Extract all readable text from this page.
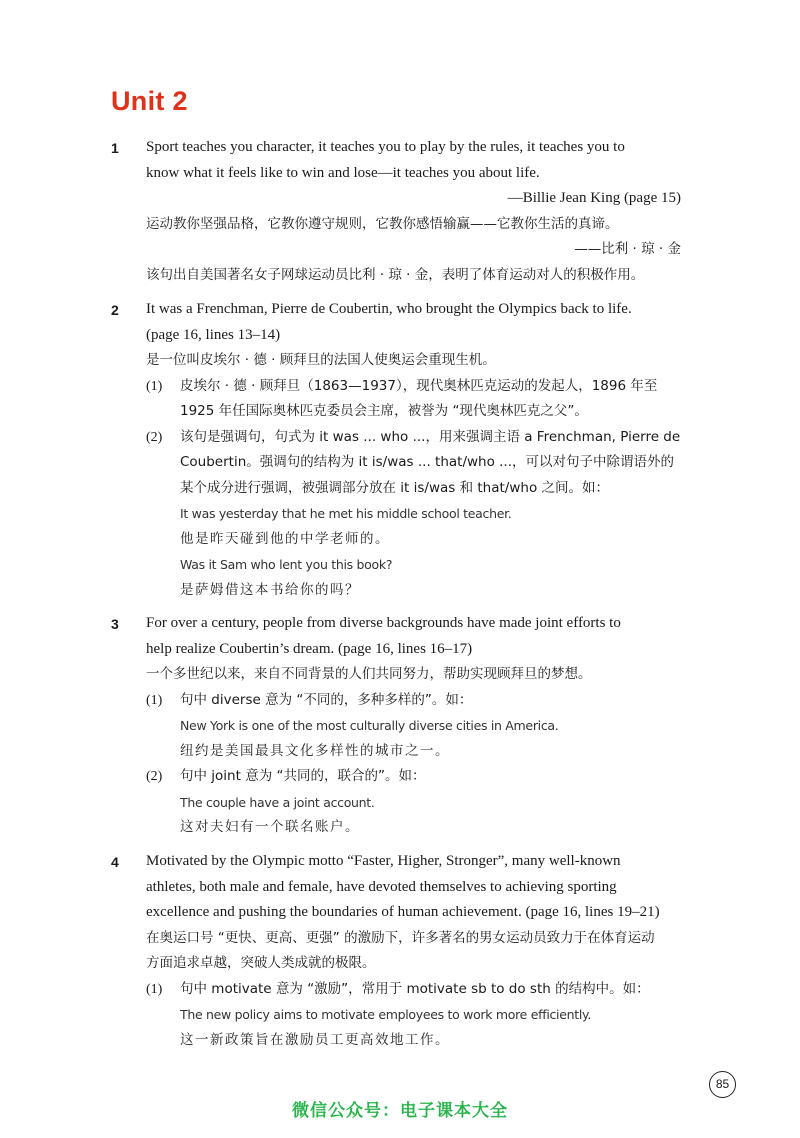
Unit 2
1 Sport teaches you character, it teaches you to play by the rules, it teaches you to
know what it feels like to win and lose—it teaches you about life.
—Billie Jean King (page 15)
运动教你坚强品格，它教你遵守规则，它教你感悟输赢——它教你生活的真谛。
——比利 · 琼 · 金
该句出自美国著名女子网球运动员比利 · 琼 · 金，表明了体育运动对人的积极作用。
2 It was a Frenchman, Pierre de Coubertin, who brought the Olympics back to life.
(page 16, lines 13–14)
是一位叫皮埃尔 · 德 · 顾拜旦的法国人使奥运会重现生机。
(1) 皮埃尔 · 德 · 顾拜旦（1863—1937），现代奥林匹克运动的发起人，1896 年至
1925 年任国际奥林匹克委员会主席，被誉为 “现代奥林匹克之父”。
(2) 该句是强调句，句式为 it was ... who ...，用来强调主语 a Frenchman, Pierre de
Coubertin。强调句的结构为 it is/was ... that/who ...，可以对句子中除谓语外的
某个成分进行强调，被强调部分放在 it is/was 和 that/who 之间。如：
It was yesterday that he met his middle school teacher.
他是昨天碰到他的中学老师的。
Was it Sam who lent you this book?
是萨姆借这本书给你的吗？
3 For over a century, people from diverse backgrounds have made joint efforts to
help realize Coubertin’s dream. (page 16, lines 16–17)
一个多世纪以来，来自不同背景的人们共同努力，帮助实现顾拜旦的梦想。
(1) 句中 diverse 意为 “不同的，多种多样的”。如：
New York is one of the most culturally diverse cities in America.
纽约是美国最具文化多样性的城市之一。
(2) 句中 joint 意为 “共同的，联合的”。如：
The couple have a joint account.
这对夫妇有一个联名账户。
4 Motivated by the Olympic motto “Faster, Higher, Stronger”, many well-known
athletes, both male and female, have devoted themselves to achieving sporting
excellence and pushing the boundaries of human achievement. (page 16, lines 19–21)
在奥运口号 “更快、更高、更强” 的激励下，许多著名的男女运动员致力于在体育运动
方面追求卓越，突破人类成就的极限。
(1) 句中 motivate 意为 “激励”，常用于 motivate sb to do sth 的结构中。如：
The new policy aims to motivate employees to work more efficiently.
这一新政策旨在激励员工更高效地工作。
85
微信公众号：电子课本大全
